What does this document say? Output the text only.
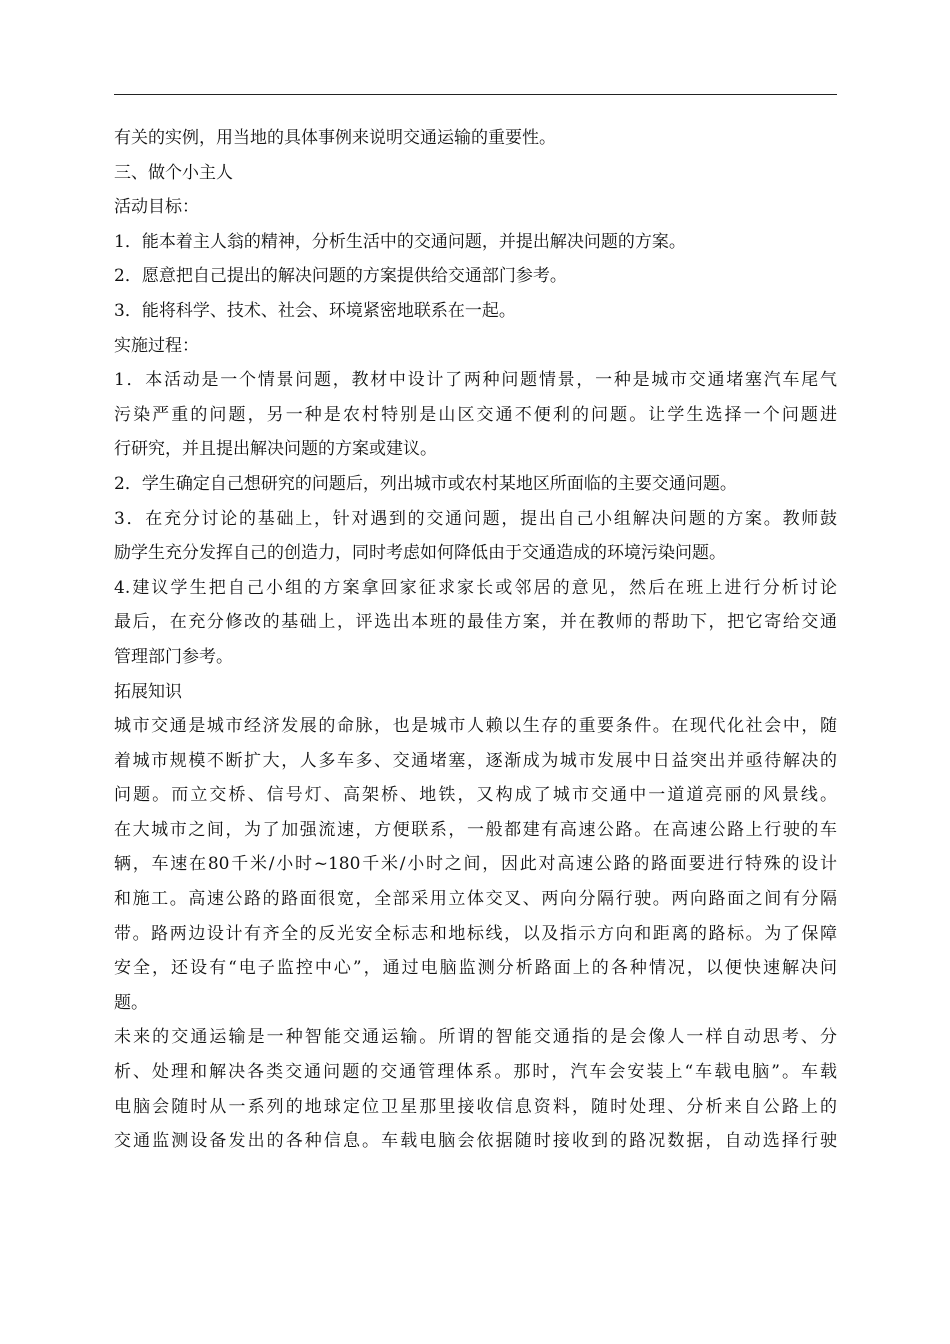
有关的实例，用当地的具体事例来说明交通运输的重要性。
三、做个小主人
活动目标：
1．能本着主人翁的精神，分析生活中的交通问题，并提出解决问题的方案。
2．愿意把自己提出的解决问题的方案提供给交通部门参考。
3．能将科学、技术、社会、环境紧密地联系在一起。
实施过程：
1．本活动是一个情景问题，教材中设计了两种问题情景，一种是城市交通堵塞汽车尾气
污染严重的问题，另一种是农村特别是山区交通不便利的问题。让学生选择一个问题进
行研究，并且提出解决问题的方案或建议。
2．学生确定自己想研究的问题后，列出城市或农村某地区所面临的主要交通问题。
3．在充分讨论的基础上，针对遇到的交通问题，提出自己小组解决问题的方案。教师鼓
励学生充分发挥自己的创造力，同时考虑如何降低由于交通造成的环境污染问题。
4.建议学生把自己小组的方案拿回家征求家长或邻居的意见，然后在班上进行分析讨论
最后，在充分修改的基础上，评选出本班的最佳方案，并在教师的帮助下，把它寄给交通
管理部门参考。
拓展知识
城市交通是城市经济发展的命脉，也是城市人赖以生存的重要条件。在现代化社会中，随
着城市规模不断扩大，人多车多、交通堵塞，逐渐成为城市发展中日益突出并亟待解决的
问题。而立交桥、信号灯、高架桥、地铁，又构成了城市交通中一道道亮丽的风景线。
在大城市之间，为了加强流速，方便联系，一般都建有高速公路。在高速公路上行驶的车
辆，车速在80千米/小时~180千米/小时之间，因此对高速公路的路面要进行特殊的设计
和施工。高速公路的路面很宽，全部采用立体交叉、两向分隔行驶。两向路面之间有分隔
带。路两边设计有齐全的反光安全标志和地标线，以及指示方向和距离的路标。为了保障
安全，还设有“电子监控中心”，通过电脑监测分析路面上的各种情况，以便快速解决问
题。
未来的交通运输是一种智能交通运输。所谓的智能交通指的是会像人一样自动思考、分
析、处理和解决各类交通问题的交通管理体系。那时，汽车会安装上“车载电脑”。车载
电脑会随时从一系列的地球定位卫星那里接收信息资料，随时处理、分析来自公路上的
交通监测设备发出的各种信息。车载电脑会依据随时接收到的路况数据，自动选择行驶
